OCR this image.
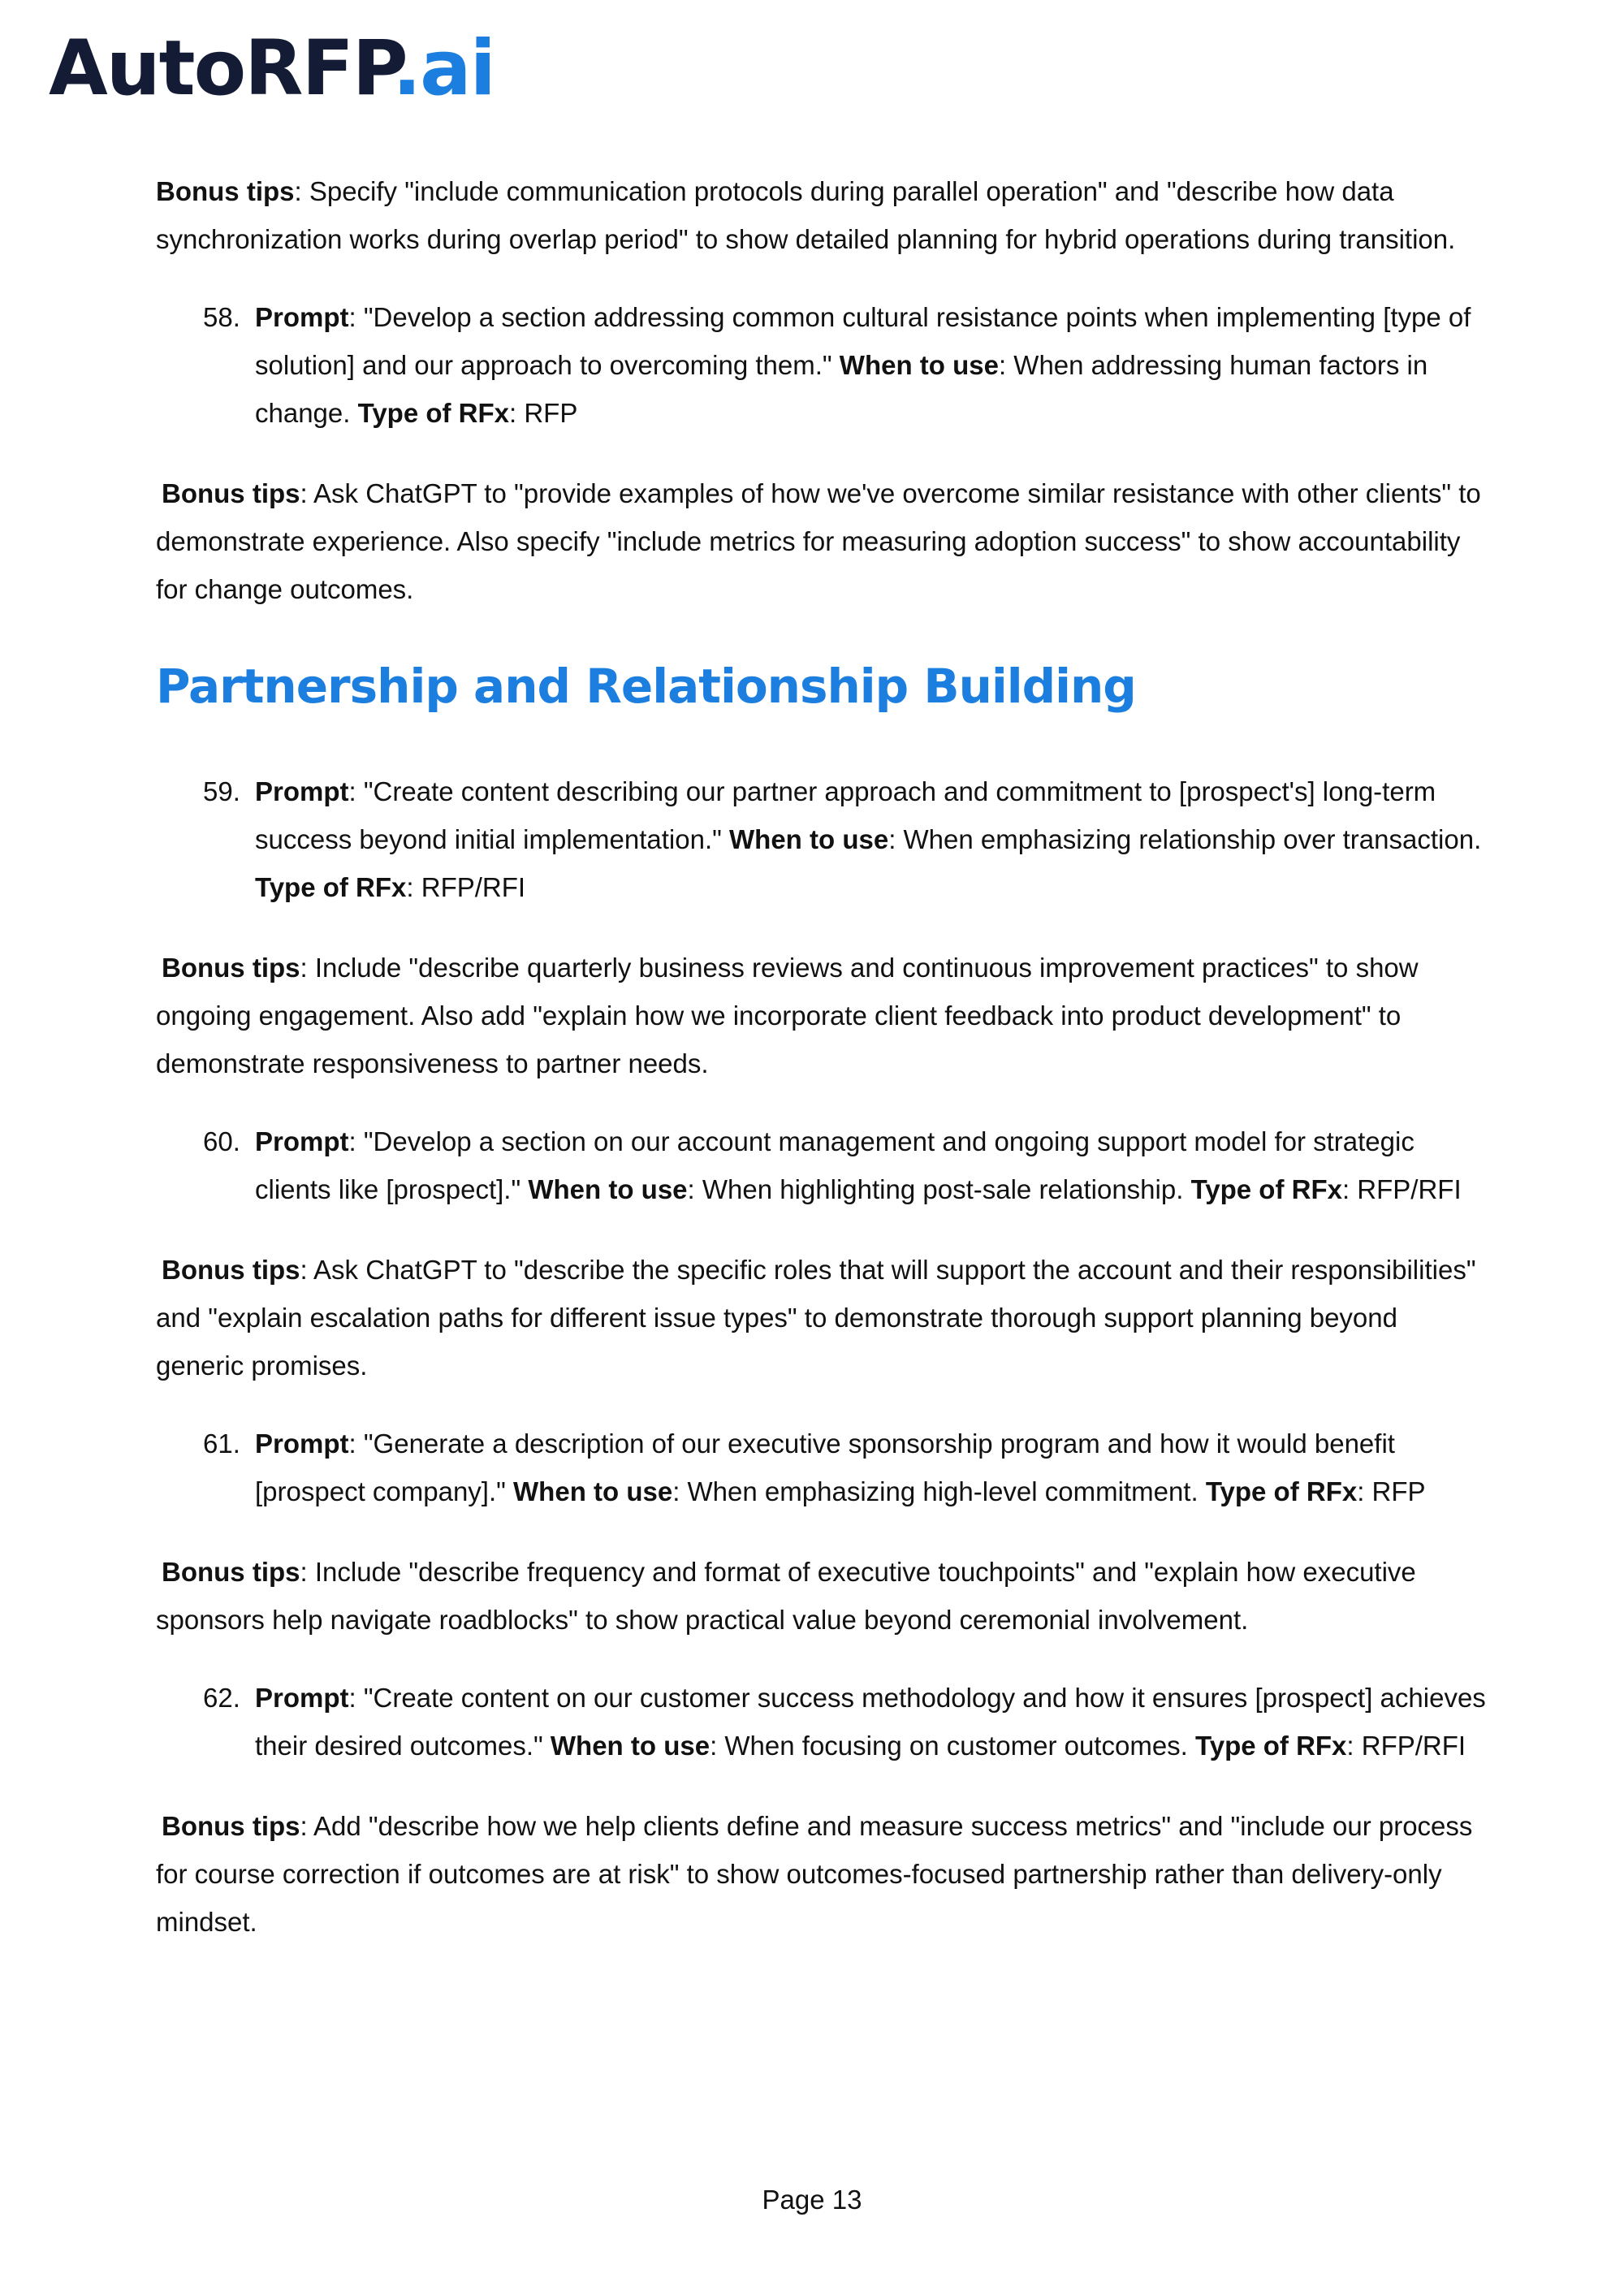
AutoRFP.ai

Bonus tips: Specify "include communication protocols during parallel operation" and "describe how data synchronization works during overlap period" to show detailed planning for hybrid operations during transition.

58. Prompt: "Develop a section addressing common cultural resistance points when implementing [type of solution] and our approach to overcoming them." When to use: When addressing human factors in change. Type of RFx: RFP

Bonus tips: Ask ChatGPT to "provide examples of how we've overcome similar resistance with other clients" to demonstrate experience. Also specify "include metrics for measuring adoption success" to show accountability for change outcomes.

Partnership and Relationship Building
59. Prompt: "Create content describing our partner approach and commitment to [prospect's] long-term success beyond initial implementation." When to use: When emphasizing relationship over transaction. Type of RFx: RFP/RFI

Bonus tips: Include "describe quarterly business reviews and continuous improvement practices" to show ongoing engagement. Also add "explain how we incorporate client feedback into product development" to demonstrate responsiveness to partner needs.

60. Prompt: "Develop a section on our account management and ongoing support model for strategic clients like [prospect]." When to use: When highlighting post-sale relationship. Type of RFx: RFP/RFI

Bonus tips: Ask ChatGPT to "describe the specific roles that will support the account and their responsibilities" and "explain escalation paths for different issue types" to demonstrate thorough support planning beyond generic promises.

61. Prompt: "Generate a description of our executive sponsorship program and how it would benefit [prospect company]." When to use: When emphasizing high-level commitment. Type of RFx: RFP

Bonus tips: Include "describe frequency and format of executive touchpoints" and "explain how executive sponsors help navigate roadblocks" to show practical value beyond ceremonial involvement.

62. Prompt: "Create content on our customer success methodology and how it ensures [prospect] achieves their desired outcomes." When to use: When focusing on customer outcomes. Type of RFx: RFP/RFI

Bonus tips: Add "describe how we help clients define and measure success metrics" and "include our process for course correction if outcomes are at risk" to show outcomes-focused partnership rather than delivery-only mindset.

Page 13
